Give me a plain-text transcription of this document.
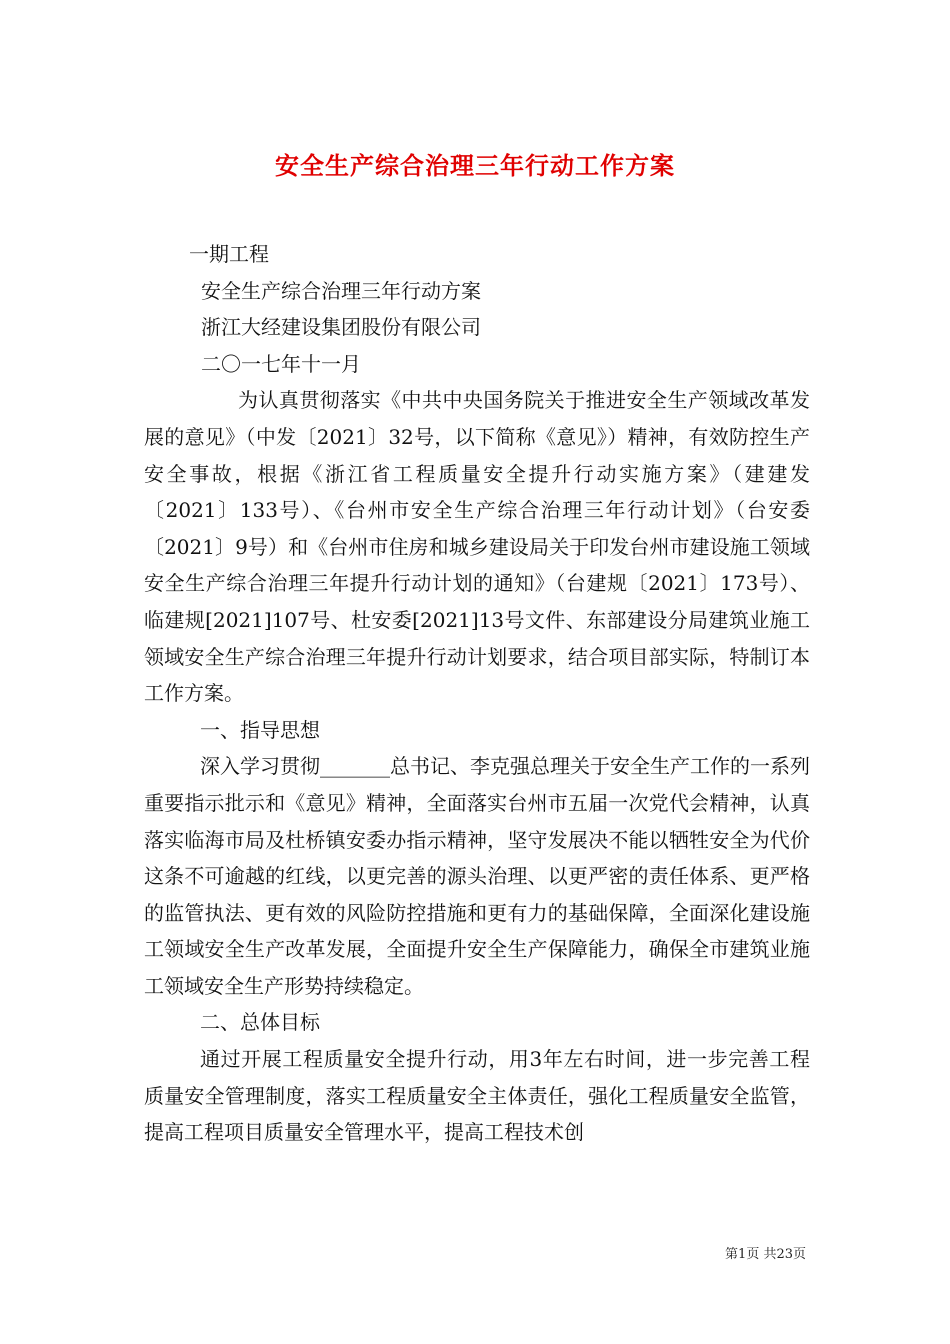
安全生产综合治理三年行动工作方案

一期工程

安全生产综合治理三年行动方案

浙江大经建设集团股份有限公司

二〇一七年十一月

为认真贯彻落实《中共中央国务院关于推进安全生产领域改革发展的意见》（中发〔2021〕32号，以下简称《意见》）精神，有效防控生产安全事故，根据《浙江省工程质量安全提升行动实施方案》（建建发〔2021〕133号）、《台州市安全生产综合治理三年行动计划》（台安委〔2021〕9号）和《台州市住房和城乡建设局关于印发台州市建设施工领域安全生产综合治理三年提升行动计划的通知》（台建规〔2021〕173号）、临建规[2021]107号、杜安委[2021]13号文件、东部建设分局建筑业施工领域安全生产综合治理三年提升行动计划要求，结合项目部实际，特制订本工作方案。

一、指导思想

深入学习贯彻_______总书记、李克强总理关于安全生产工作的一系列重要指示批示和《意见》精神，全面落实台州市五届一次党代会精神，认真落实临海市局及杜桥镇安委办指示精神，坚守发展决不能以牺牲安全为代价这条不可逾越的红线，以更完善的源头治理、以更严密的责任体系、更严格的监管执法、更有效的风险防控措施和更有力的基础保障，全面深化建设施工领域安全生产改革发展，全面提升安全生产保障能力，确保全市建筑业施工领域安全生产形势持续稳定。

二、总体目标

通过开展工程质量安全提升行动，用3年左右时间，进一步完善工程质量安全管理制度，落实工程质量安全主体责任，强化工程质量安全监管，提高工程项目质量安全管理水平，提高工程技术创

第1页 共23页
